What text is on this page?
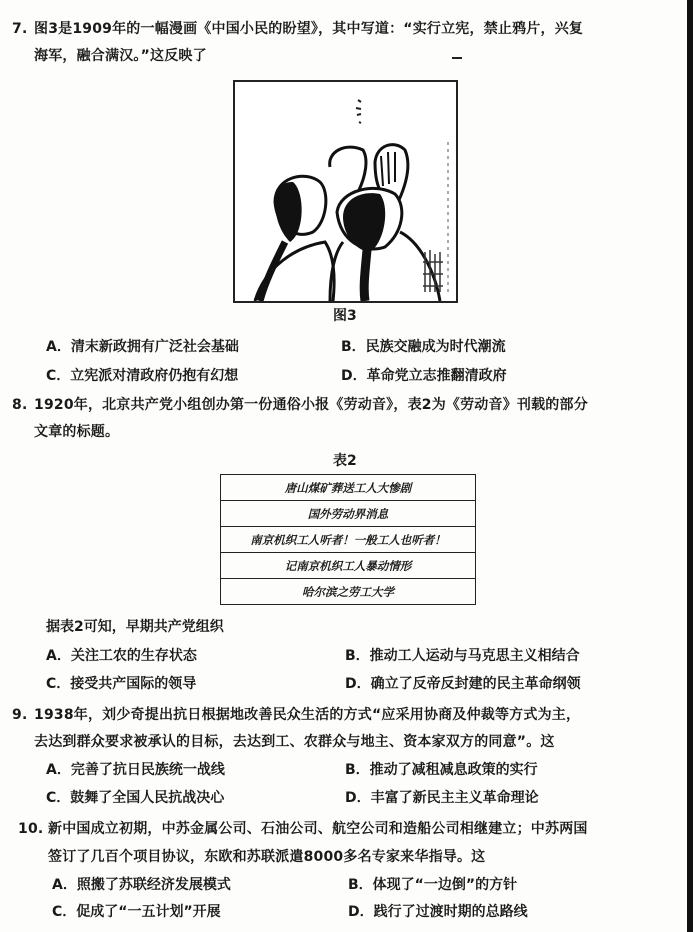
7. 图3是1909年的一幅漫画《中国小民的盼望》，其中写道：“实行立宪，禁止鸦片，兴复
海军，融合满汉。”这反映了
图3
A．清末新政拥有广泛社会基础	B．民族交融成为时代潮流
C．立宪派对清政府仍抱有幻想	D．革命党立志推翻清政府
8. 1920年，北京共产党小组创办第一份通俗小报《劳动音》，表2为《劳动音》刊载的部分
文章的标题。
表2
唐山煤矿葬送工人大惨剧
国外劳动界消息
南京机织工人听者！一般工人也听者！
记南京机织工人暴动情形
哈尔滨之劳工大学
据表2可知，早期共产党组织
A．关注工农的生存状态	B．推动工人运动与马克思主义相结合
C．接受共产国际的领导	D．确立了反帝反封建的民主革命纲领
9. 1938年，刘少奇提出抗日根据地改善民众生活的方式“应采用协商及仲裁等方式为主，
去达到群众要求被承认的目标，去达到工、农群众与地主、资本家双方的同意”。这
A．完善了抗日民族统一战线	B．推动了减租减息政策的实行
C．鼓舞了全国人民抗战决心	D．丰富了新民主主义革命理论
10. 新中国成立初期，中苏金属公司、石油公司、航空公司和造船公司相继建立；中苏两国
签订了几百个项目协议，东欧和苏联派遣8000多名专家来华指导。这
A．照搬了苏联经济发展模式	B．体现了“一边倒”的方针
C．促成了“一五计划”开展	D．践行了过渡时期的总路线
